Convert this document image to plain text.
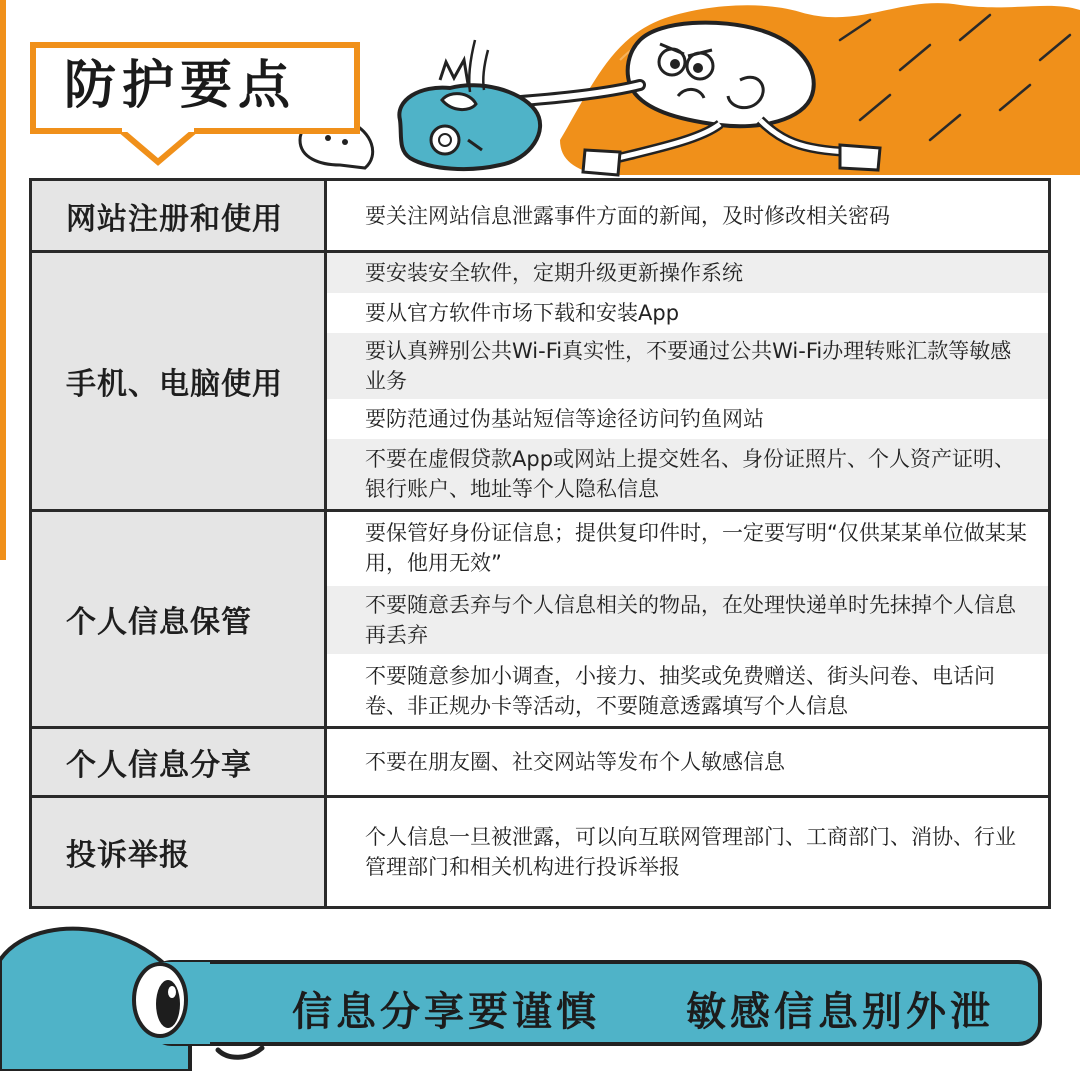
防护要点
网站注册和使用	要关注网站信息泄露事件方面的新闻，及时修改相关密码
手机、电脑使用
要安装安全软件，定期升级更新操作系统
要从官方软件市场下载和安装App
要认真辨别公共Wi-Fi真实性，不要通过公共Wi-Fi办理转账汇款等敏感业务
要防范通过伪基站短信等途径访问钓鱼网站
不要在虚假贷款App或网站上提交姓名、身份证照片、个人资产证明、银行账户、地址等个人隐私信息
个人信息保管
要保管好身份证信息；提供复印件时，一定要写明“仅供某某单位做某某用，他用无效”
不要随意丢弃与个人信息相关的物品，在处理快递单时先抹掉个人信息再丢弃
不要随意参加小调查，小接力、抽奖或免费赠送、街头问卷、电话问卷、非正规办卡等活动，不要随意透露填写个人信息
个人信息分享	不要在朋友圈、社交网站等发布个人敏感信息
投诉举报
个人信息一旦被泄露，可以向互联网管理部门、工商部门、消协、行业管理部门和相关机构进行投诉举报
信息分享要谨慎 敏感信息别外泄
